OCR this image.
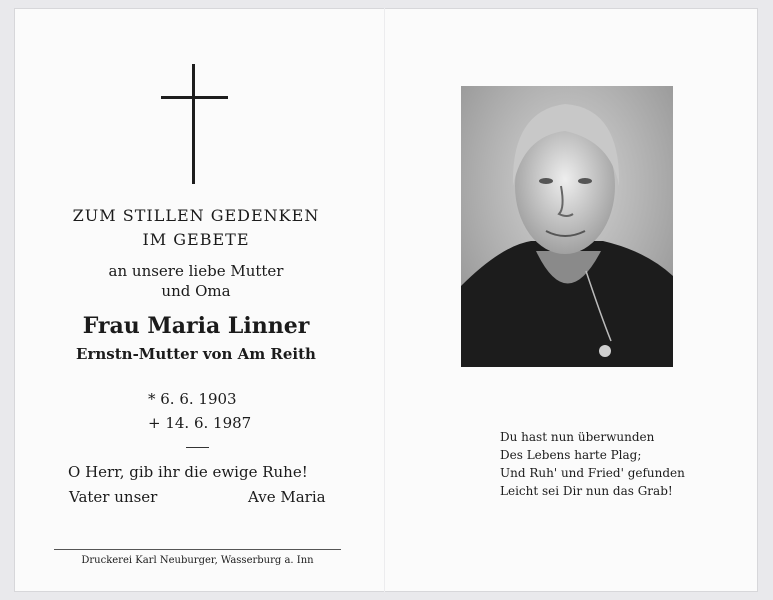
ZUM STILLEN GEDENKEN
IM GEBETE
an unsere liebe Mutter
und Oma
Frau Maria Linner
Ernstn-Mutter von Am Reith
* 6. 6. 1903
+ 14. 6. 1987
O Herr, gib ihr die ewige Ruhe!
Vater unser	Ave Maria
Druckerei Karl Neuburger, Wasserburg a. Inn
Du hast nun überwunden
Des Lebens harte Plag;
Und Ruh' und Fried' gefunden
Leicht sei Dir nun das Grab!
